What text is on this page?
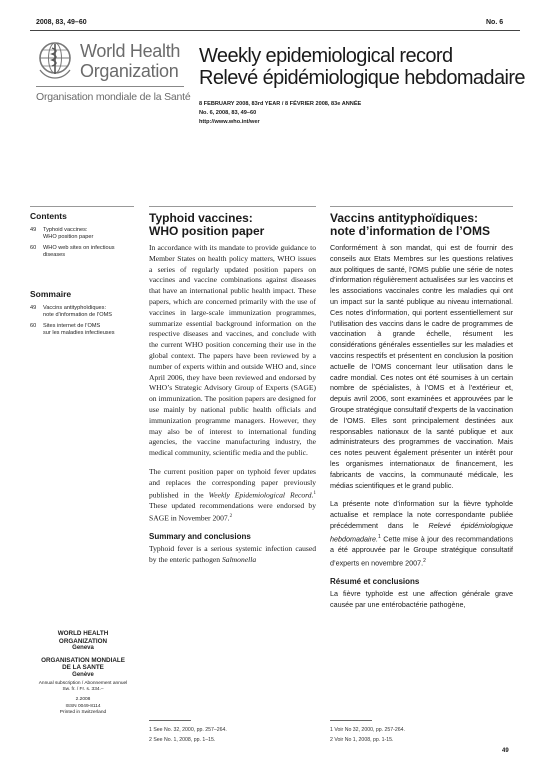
2008, 83, 49–60	No. 6
World Health
Organization
Organisation mondiale de la Santé
Weekly epidemiological record
Relevé épidémiologique hebdomadaire
8 FEBRUARY 2008, 83rd YEAR / 8 FÉVRIER 2008, 83e ANNÉE
No. 6, 2008, 83, 49–60
http://www.who.int/wer
Contents
49	Typhoid vaccines:
WHO position paper
60	WHO web sites on infectious
diseases
Sommaire
49	Vaccins antityphoïdiques:
note d’information de l’OMS
60	Sites internet de l’OMS
sur les maladies infectieuses
WORLD HEALTH
ORGANIZATION
Geneva
ORGANISATION MONDIALE
DE LA SANTE
Genève
Annual subscription / Abonnement annuel
Sw. fr. / Fr. s. 334.–
2.2008
ISSN 0049-8114
Printed in Switzerland
Typhoid vaccines:
WHO position paper

In accordance with its mandate to provide guidance to Member States on health policy matters, WHO issues a series of regularly updated position papers on vaccines and vaccine combinations against diseases that have an international public health impact. These papers, which are concerned primarily with the use of vaccines in large-scale immunization programmes, summarize essential background information on the respective diseases and vaccines, and conclude with the current WHO position concerning their use in the global context. The papers have been reviewed by a number of experts within and outside WHO and, since April 2006, they have been reviewed and endorsed by WHO’s Strategic Advisory Group of Experts (SAGE) on immunization. The position papers are designed for use mainly by national public health officials and immunization programme managers. However, they may also be of interest to international funding agencies, the vaccine manufacturing industry, the medical community, scientific media and the public.

The current position paper on typhoid fever updates and replaces the corresponding paper previously published in the Weekly Epidemiological Record.$^1$ These updated recommendations were endorsed by SAGE in November 2007.$^2$

Summary and conclusions
Typhoid fever is a serious systemic infection caused by the enteric pathogen Salmonella
1 See No. 32, 2000, pp. 257–264.
2 See No. 1, 2008, pp. 1–15.
Vaccins antityphoïdiques:
note d’information de l’OMS

Conformément à son mandat, qui est de fournir des conseils aux Etats Membres sur les questions relatives aux politiques de santé, l’OMS publie une série de notes d’information régulièrement actualisées sur les vaccins et les associations vaccinales contre les maladies qui ont un impact sur la santé publique au niveau international. Ces notes d’information, qui portent essentiellement sur l’utilisation des vaccins dans le cadre de programmes de vaccination à grande échelle, résument les considérations générales essentielles sur les maladies et vaccins respectifs et présentent en conclusion la position actuelle de l’OMS concernant leur utilisation dans le cadre mondial. Ces notes ont été soumises à un certain nombre de spécialistes, à l’OMS et à l’extérieur et, depuis avril 2006, sont examinées et approuvées par le Groupe stratégique consultatif d’experts de la vaccination de l’OMS. Elles sont principalement destinées aux responsables nationaux de la santé publique et aux administrateurs des programmes de vaccination. Mais ces notes peuvent également présenter un intérêt pour les organismes internationaux de financement, les fabricants de vaccins, la communauté médicale, les médias scientifiques et le grand public.

La présente note d’information sur la fièvre typhoïde actualise et remplace la note correspondante publiée précédemment dans le Relevé épidémiologique hebdomadaire.$^1$ Cette mise à jour des recommandations a été approuvée par le Groupe stratégique consultatif d’experts en novembre 2007.$^2$

Résumé et conclusions
La fièvre typhoïde est une affection générale grave causée par une entérobactérie pathogène,
1 Voir No 32, 2000, pp. 257-264.
2 Voir No 1, 2008, pp. 1-15.
49
